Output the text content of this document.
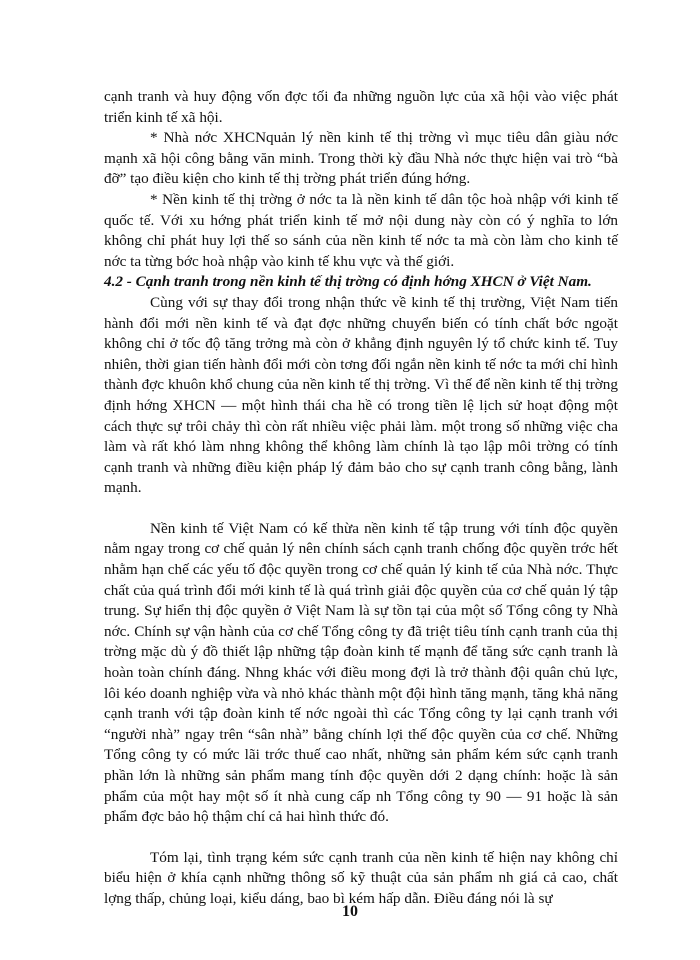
cạnh tranh và huy động vốn đợc tối đa những nguồn lực của xã hội vào việc phát triển kinh tế xã hội.

* Nhà nớc XHCNquản lý nền kinh tế thị trờng vì mục tiêu dân giàu nớc mạnh xã hội công bằng văn minh. Trong thời kỳ đầu Nhà nớc thực hiện vai trò “bà đỡ” tạo điều kiện cho kinh tế thị trờng phát triển đúng hớng.

* Nền kinh tế thị trờng ở nớc ta là nền kinh tế dân tộc hoà nhập với kinh tế quốc tế. Với xu hớng phát triển kinh tế mở nội dung này còn có ý nghĩa to lớn không chỉ phát huy lợi thế so sánh của nền kinh tế nớc ta mà còn làm cho kinh tế nớc ta từng bớc hoà nhập vào kinh tế khu vực và thế giới.

4.2 - Cạnh tranh trong nền kinh tế thị trờng có định hớng XHCN ở Việt Nam.

Cùng với sự thay đổi trong nhận thức về kinh tế thị trường, Việt Nam tiến hành đổi mới nền kinh tế và đạt đợc những chuyển biến có tính chất bớc ngoặt không chỉ ở tốc độ tăng trởng mà còn ở khẳng định nguyên lý tổ chức kinh tế. Tuy nhiên, thời gian tiến hành đổi mới còn tơng đối ngắn nền kinh tế nớc ta mới chỉ hình thành đợc khuôn khổ chung của nền kinh tế thị trờng. Vì thế để nền kinh tế thị trờng định hớng XHCN — một hình thái cha hề có trong tiền lệ lịch sử hoạt động một cách thực sự trôi chảy thì còn rất nhiều việc phải làm. một trong số những việc cha làm và rất khó làm nhng không thể không làm chính là tạo lập môi trờng có tính cạnh tranh và những điều kiện pháp lý đảm bảo cho sự cạnh tranh công bằng, lành mạnh.

Nền kinh tế Việt Nam có kế thừa nền kinh tế tập trung với tính độc quyền nằm ngay trong cơ chế quản lý nên chính sách cạnh tranh chống độc quyền trớc hết nhằm hạn chế các yếu tố độc quyền trong cơ chế quản lý kinh tế của Nhà nớc. Thực chất của quá trình đổi mới kinh tế là quá trình giải độc quyền của cơ chế quản lý tập trung. Sự hiển thị độc quyền ở Việt Nam là sự tồn tại của một số Tổng công ty Nhà nớc. Chính sự vận hành của cơ chế Tổng công ty đã triệt tiêu tính cạnh tranh của thị trờng mặc dù ý đồ thiết lập những tập đoàn kinh tế mạnh để tăng sức cạnh tranh là hoàn toàn chính đáng. Nhng khác với điều mong đợi là trở thành đội quân chủ lực, lôi kéo doanh nghiệp vừa và nhỏ khác thành một đội hình tăng mạnh, tăng khả năng cạnh tranh với tập đoàn kinh tế nớc ngoài thì các Tổng công ty lại cạnh tranh với “người nhà” ngay trên “sân nhà” bằng chính lợi thế độc quyền của cơ chế. Những Tổng công ty có mức lãi trớc thuế cao nhất, những sản phẩm kém sức cạnh tranh phần lớn là những sản phẩm mang tính độc quyền dới 2 dạng chính: hoặc là sản phẩm của một hay một số ít nhà cung cấp nh Tổng công ty 90 — 91 hoặc là sản phẩm đợc bảo hộ thậm chí cả hai hình thức đó.

Tóm lại, tình trạng kém sức cạnh tranh của nền kinh tế hiện nay không chỉ biểu hiện ở khía cạnh những thông số kỹ thuật của sản phẩm nh giá cả cao, chất lợng thấp, chủng loại, kiểu dáng, bao bì kém hấp dẫn. Điều đáng nói là sự

10
